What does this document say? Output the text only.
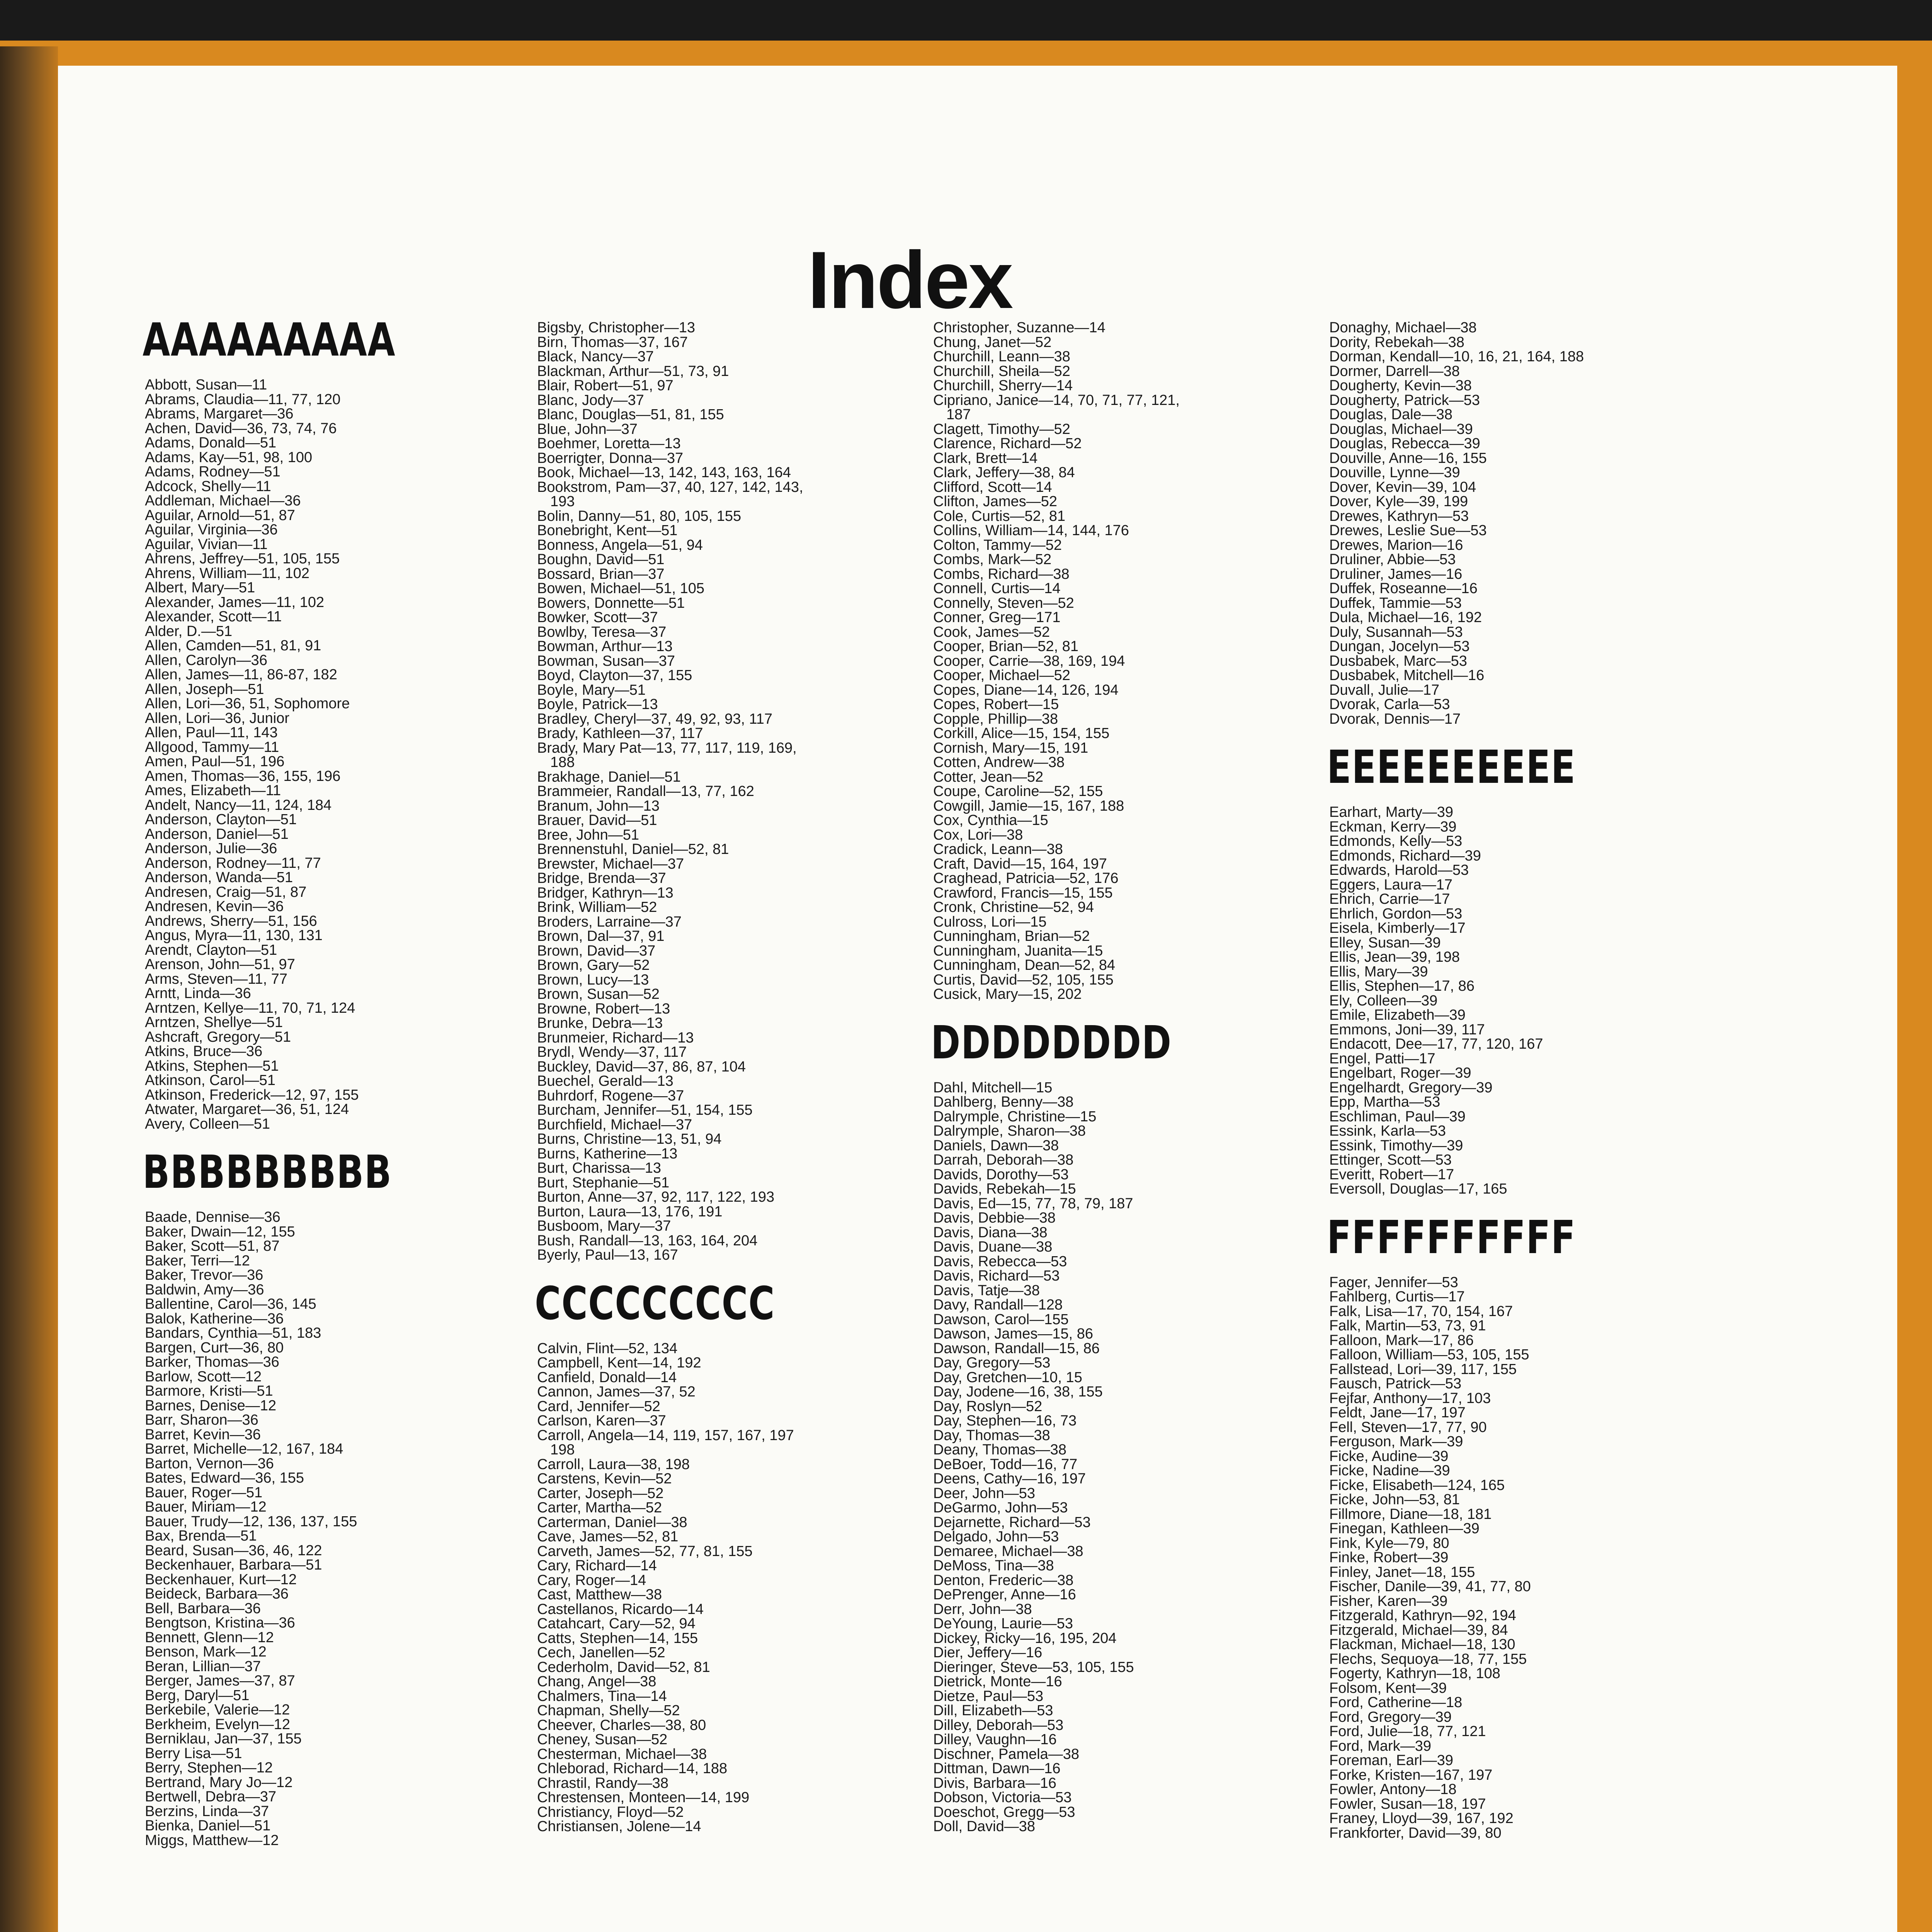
Index
AAAAAAAAA
Abbott, Susan—11
Abrams, Claudia—11, 77, 120
Abrams, Margaret—36
Achen, David—36, 73, 74, 76
Adams, Donald—51
Adams, Kay—51, 98, 100
Adams, Rodney—51
Adcock, Shelly—11
Addleman, Michael—36
Aguilar, Arnold—51, 87
Aguilar, Virginia—36
Aguilar, Vivian—11
Ahrens, Jeffrey—51, 105, 155
Ahrens, William—11, 102
Albert, Mary—51
Alexander, James—11, 102
Alexander, Scott—11
Alder, D.—51
Allen, Camden—51, 81, 91
Allen, Carolyn—36
Allen, James—11, 86-87, 182
Allen, Joseph—51
Allen, Lori—36, 51, Sophomore
Allen, Lori—36, Junior
Allen, Paul—11, 143
Allgood, Tammy—11
Amen, Paul—51, 196
Amen, Thomas—36, 155, 196
Ames, Elizabeth—11
Andelt, Nancy—11, 124, 184
Anderson, Clayton—51
Anderson, Daniel—51
Anderson, Julie—36
Anderson, Rodney—11, 77
Anderson, Wanda—51
Andresen, Craig—51, 87
Andresen, Kevin—36
Andrews, Sherry—51, 156
Angus, Myra—11, 130, 131
Arendt, Clayton—51
Arenson, John—51, 97
Arms, Steven—11, 77
Arntt, Linda—36
Arntzen, Kellye—11, 70, 71, 124
Arntzen, Shellye—51
Ashcraft, Gregory—51
Atkins, Bruce—36
Atkins, Stephen—51
Atkinson, Carol—51
Atkinson, Frederick—12, 97, 155
Atwater, Margaret—36, 51, 124
Avery, Colleen—51
BBBBBBBBB
Baade, Dennise—36
Baker, Dwain—12, 155
Baker, Scott—51, 87
Baker, Terri—12
Baker, Trevor—36
Baldwin, Amy—36
Ballentine, Carol—36, 145
Balok, Katherine—36
Bandars, Cynthia—51, 183
Bargen, Curt—36, 80
Barker, Thomas—36
Barlow, Scott—12
Barmore, Kristi—51
Barnes, Denise—12
Barr, Sharon—36
Barret, Kevin—36
Barret, Michelle—12, 167, 184
Barton, Vernon—36
Bates, Edward—36, 155
Bauer, Roger—51
Bauer, Miriam—12
Bauer, Trudy—12, 136, 137, 155
Bax, Brenda—51
Beard, Susan—36, 46, 122
Beckenhauer, Barbara—51
Beckenhauer, Kurt—12
Beideck, Barbara—36
Bell, Barbara—36
Bengtson, Kristina—36
Bennett, Glenn—12
Benson, Mark—12
Beran, Lillian—37
Berger, James—37, 87
Berg, Daryl—51
Berkebile, Valerie—12
Berkheim, Evelyn—12
Berniklau, Jan—37, 155
Berry Lisa—51
Berry, Stephen—12
Bertrand, Mary Jo—12
Bertwell, Debra—37
Berzins, Linda—37
Bienka, Daniel—51
Miggs, Matthew—12
Bigsby, Christopher—13
Birn, Thomas—37, 167
Black, Nancy—37
Blackman, Arthur—51, 73, 91
Blair, Robert—51, 97
Blanc, Jody—37
Blanc, Douglas—51, 81, 155
Blue, John—37
Boehmer, Loretta—13
Boerrigter, Donna—37
Book, Michael—13, 142, 143, 163, 164
Bookstrom, Pam—37, 40, 127, 142, 143,
193
Bolin, Danny—51, 80, 105, 155
Bonebright, Kent—51
Bonness, Angela—51, 94
Boughn, David—51
Bossard, Brian—37
Bowen, Michael—51, 105
Bowers, Donnette—51
Bowker, Scott—37
Bowlby, Teresa—37
Bowman, Arthur—13
Bowman, Susan—37
Boyd, Clayton—37, 155
Boyle, Mary—51
Boyle, Patrick—13
Bradley, Cheryl—37, 49, 92, 93, 117
Brady, Kathleen—37, 117
Brady, Mary Pat—13, 77, 117, 119, 169,
188
Brakhage, Daniel—51
Brammeier, Randall—13, 77, 162
Branum, John—13
Brauer, David—51
Bree, John—51
Brennenstuhl, Daniel—52, 81
Brewster, Michael—37
Bridge, Brenda—37
Bridger, Kathryn—13
Brink, William—52
Broders, Larraine—37
Brown, Dal—37, 91
Brown, David—37
Brown, Gary—52
Brown, Lucy—13
Brown, Susan—52
Browne, Robert—13
Brunke, Debra—13
Brunmeier, Richard—13
Brydl, Wendy—37, 117
Buckley, David—37, 86, 87, 104
Buechel, Gerald—13
Buhrdorf, Rogene—37
Burcham, Jennifer—51, 154, 155
Burchfield, Michael—37
Burns, Christine—13, 51, 94
Burns, Katherine—13
Burt, Charissa—13
Burt, Stephanie—51
Burton, Anne—37, 92, 117, 122, 193
Burton, Laura—13, 176, 191
Busboom, Mary—37
Bush, Randall—13, 163, 164, 204
Byerly, Paul—13, 167
CCCCCCCCC
Calvin, Flint—52, 134
Campbell, Kent—14, 192
Canfield, Donald—14
Cannon, James—37, 52
Card, Jennifer—52
Carlson, Karen—37
Carroll, Angela—14, 119, 157, 167, 197
198
Carroll, Laura—38, 198
Carstens, Kevin—52
Carter, Joseph—52
Carter, Martha—52
Carterman, Daniel—38
Cave, James—52, 81
Carveth, James—52, 77, 81, 155
Cary, Richard—14
Cary, Roger—14
Cast, Matthew—38
Castellanos, Ricardo—14
Catahcart, Cary—52, 94
Catts, Stephen—14, 155
Cech, Janellen—52
Cederholm, David—52, 81
Chang, Angel—38
Chalmers, Tina—14
Chapman, Shelly—52
Cheever, Charles—38, 80
Cheney, Susan—52
Chesterman, Michael—38
Chleborad, Richard—14, 188
Chrastil, Randy—38
Chrestensen, Monteen—14, 199
Christiancy, Floyd—52
Christiansen, Jolene—14
Christopher, Suzanne—14
Chung, Janet—52
Churchill, Leann—38
Churchill, Sheila—52
Churchill, Sherry—14
Cipriano, Janice—14, 70, 71, 77, 121,
187
Clagett, Timothy—52
Clarence, Richard—52
Clark, Brett—14
Clark, Jeffery—38, 84
Clifford, Scott—14
Clifton, James—52
Cole, Curtis—52, 81
Collins, William—14, 144, 176
Colton, Tammy—52
Combs, Mark—52
Combs, Richard—38
Connell, Curtis—14
Connelly, Steven—52
Conner, Greg—171
Cook, James—52
Cooper, Brian—52, 81
Cooper, Carrie—38, 169, 194
Cooper, Michael—52
Copes, Diane—14, 126, 194
Copes, Robert—15
Copple, Phillip—38
Corkill, Alice—15, 154, 155
Cornish, Mary—15, 191
Cotten, Andrew—38
Cotter, Jean—52
Coupe, Caroline—52, 155
Cowgill, Jamie—15, 167, 188
Cox, Cynthia—15
Cox, Lori—38
Cradick, Leann—38
Craft, David—15, 164, 197
Craghead, Patricia—52, 176
Crawford, Francis—15, 155
Cronk, Christine—52, 94
Culross, Lori—15
Cunningham, Brian—52
Cunningham, Juanita—15
Cunningham, Dean—52, 84
Curtis, David—52, 105, 155
Cusick, Mary—15, 202
DDDDDDDD
Dahl, Mitchell—15
Dahlberg, Benny—38
Dalrymple, Christine—15
Dalrymple, Sharon—38
Daniels, Dawn—38
Darrah, Deborah—38
Davids, Dorothy—53
Davids, Rebekah—15
Davis, Ed—15, 77, 78, 79, 187
Davis, Debbie—38
Davis, Diana—38
Davis, Duane—38
Davis, Rebecca—53
Davis, Richard—53
Davis, Tatje—38
Davy, Randall—128
Dawson, Carol—155
Dawson, James—15, 86
Dawson, Randall—15, 86
Day, Gregory—53
Day, Gretchen—10, 15
Day, Jodene—16, 38, 155
Day, Roslyn—52
Day, Stephen—16, 73
Day, Thomas—38
Deany, Thomas—38
DeBoer, Todd—16, 77
Deens, Cathy—16, 197
Deer, John—53
DeGarmo, John—53
Dejarnette, Richard—53
Delgado, John—53
Demaree, Michael—38
DeMoss, Tina—38
Denton, Frederic—38
DePrenger, Anne—16
Derr, John—38
DeYoung, Laurie—53
Dickey, Ricky—16, 195, 204
Dier, Jeffery—16
Dieringer, Steve—53, 105, 155
Dietrick, Monte—16
Dietze, Paul—53
Dill, Elizabeth—53
Dilley, Deborah—53
Dilley, Vaughn—16
Dischner, Pamela—38
Dittman, Dawn—16
Divis, Barbara—16
Dobson, Victoria—53
Doeschot, Gregg—53
Doll, David—38
Donaghy, Michael—38
Dority, Rebekah—38
Dorman, Kendall—10, 16, 21, 164, 188
Dormer, Darrell—38
Dougherty, Kevin—38
Dougherty, Patrick—53
Douglas, Dale—38
Douglas, Michael—39
Douglas, Rebecca—39
Douville, Anne—16, 155
Douville, Lynne—39
Dover, Kevin—39, 104
Dover, Kyle—39, 199
Drewes, Kathryn—53
Drewes, Leslie Sue—53
Drewes, Marion—16
Druliner, Abbie—53
Druliner, James—16
Duffek, Roseanne—16
Duffek, Tammie—53
Dula, Michael—16, 192
Duly, Susannah—53
Dungan, Jocelyn—53
Dusbabek, Marc—53
Dusbabek, Mitchell—16
Duvall, Julie—17
Dvorak, Carla—53
Dvorak, Dennis—17
EEEEEEEEEE
Earhart, Marty—39
Eckman, Kerry—39
Edmonds, Kelly—53
Edmonds, Richard—39
Edwards, Harold—53
Eggers, Laura—17
Ehrich, Carrie—17
Ehrlich, Gordon—53
Eisela, Kimberly—17
Elley, Susan—39
Ellis, Jean—39, 198
Ellis, Mary—39
Ellis, Stephen—17, 86
Ely, Colleen—39
Emile, Elizabeth—39
Emmons, Joni—39, 117
Endacott, Dee—17, 77, 120, 167
Engel, Patti—17
Engelbart, Roger—39
Engelhardt, Gregory—39
Epp, Martha—53
Eschliman, Paul—39
Essink, Karla—53
Essink, Timothy—39
Ettinger, Scott—53
Everitt, Robert—17
Eversoll, Douglas—17, 165
FFFFFFFFFF
Fager, Jennifer—53
Fahlberg, Curtis—17
Falk, Lisa—17, 70, 154, 167
Falk, Martin—53, 73, 91
Falloon, Mark—17, 86
Falloon, William—53, 105, 155
Fallstead, Lori—39, 117, 155
Fausch, Patrick—53
Fejfar, Anthony—17, 103
Feldt, Jane—17, 197
Fell, Steven—17, 77, 90
Ferguson, Mark—39
Ficke, Audine—39
Ficke, Nadine—39
Ficke, Elisabeth—124, 165
Ficke, John—53, 81
Fillmore, Diane—18, 181
Finegan, Kathleen—39
Fink, Kyle—79, 80
Finke, Robert—39
Finley, Janet—18, 155
Fischer, Danile—39, 41, 77, 80
Fisher, Karen—39
Fitzgerald, Kathryn—92, 194
Fitzgerald, Michael—39, 84
Flackman, Michael—18, 130
Flechs, Sequoya—18, 77, 155
Fogerty, Kathryn—18, 108
Folsom, Kent—39
Ford, Catherine—18
Ford, Gregory—39
Ford, Julie—18, 77, 121
Ford, Mark—39
Foreman, Earl—39
Forke, Kristen—167, 197
Fowler, Antony—18
Fowler, Susan—18, 197
Franey, Lloyd—39, 167, 192
Frankforter, David—39, 80
